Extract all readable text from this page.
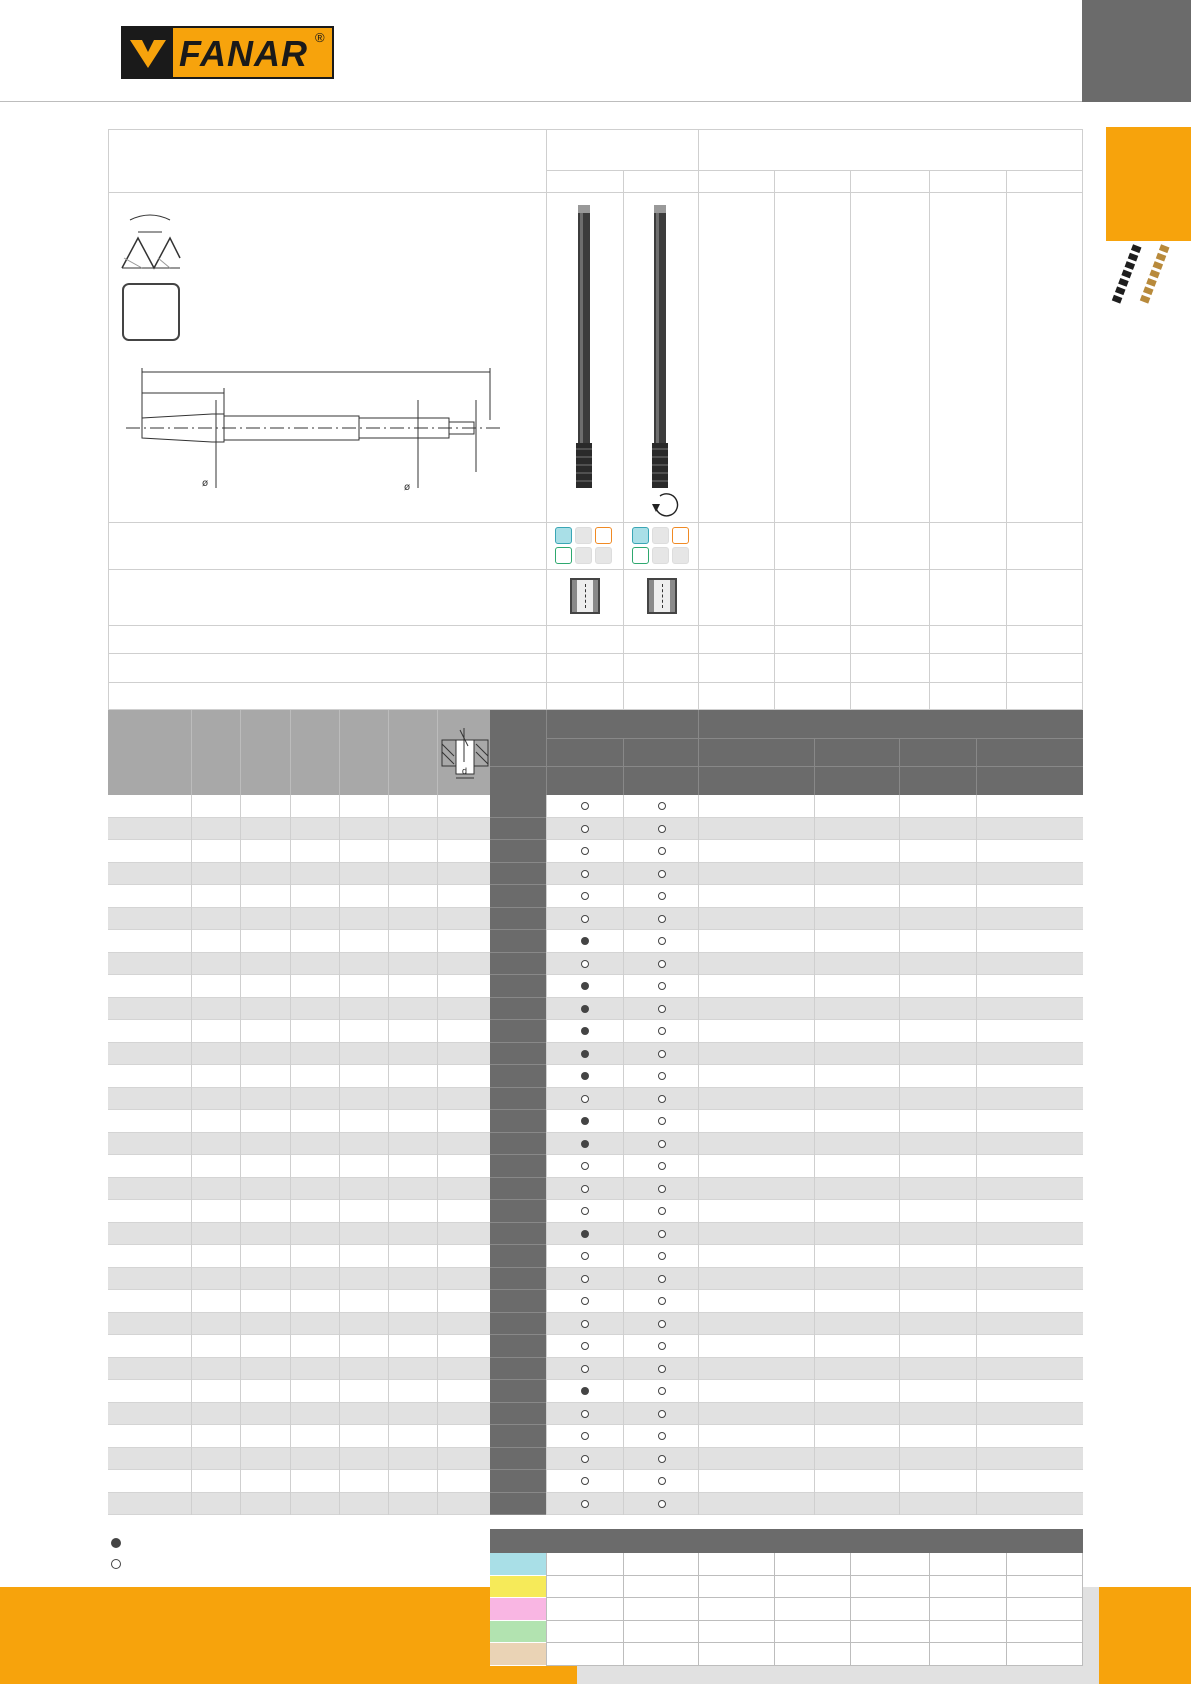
FANAR ®
ø	ø
d
